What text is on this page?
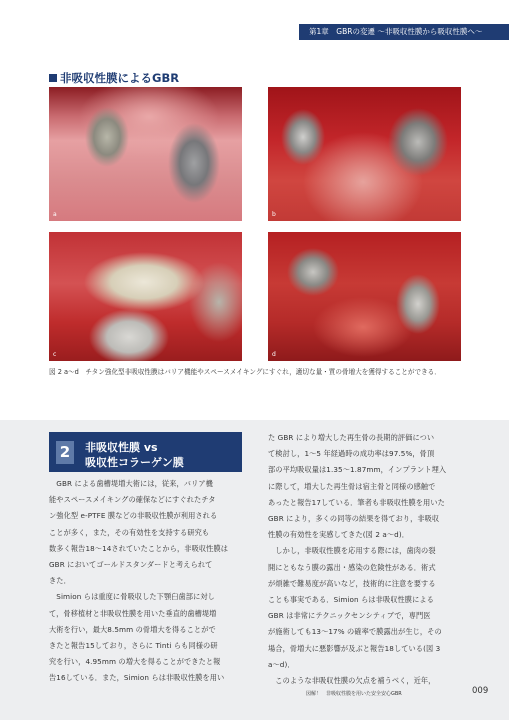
第1章　GBRの変遷 〜非吸収性膜から吸収性膜へ〜
非吸収性膜によるGBR
a	b
c	d
図 2 a〜d　チタン強化型非吸収性膜はバリア機能やスペースメイキングにすぐれ，適切な量・質の骨増大を獲得することができる．
2	非吸収性膜 vs
吸収性コラーゲン膜

　GBR による歯槽堤増大術には，従来，バリア機

能やスペースメイキングの確保などにすぐれたチタ

ン強化型 e-PTFE 膜などの非吸収性膜が利用される

ことが多く，また，その有効性を支持する研究も

数多く報告18〜14されていたことから，非吸収性膜は

GBR においてゴールドスタンダードと考えられて

きた．

　Simion らは重度に骨吸収した下顎臼歯部に対し

て，骨移植材と非吸収性膜を用いた垂直的歯槽堤増

大術を行い，最大8.5mm の骨増大を得ることがで

きたと報告15しており，さらに Tinti らも同様の研

究を行い，4.95mm の増大を得ることができたと報

告16している．また，Simion らは非吸収性膜を用い

た GBR により増大した再生骨の長期的評価につい

て検討し，1〜5 年経過時の成功率は97.5%，骨頂

部の平均吸収量は1.35〜1.87mm，インプラント埋入

に際して，増大した再生骨は宿主骨と同様の感触で

あったと報告17している．筆者も非吸収性膜を用いた

GBR により，多くの同等の結果を得ており，非吸収

性膜の有効性を実感してきた(図 2 a〜d)．

　しかし，非吸収性膜を応用する際には，歯肉の裂

開にともなう膜の露出・感染の危険性がある．術式

が煩雑で難易度が高いなど，技術的に注意を要する

ことも事実である．Simion らは非吸収性膜による

GBR は非常にテクニックセンシティブで，専門医

が施術しても13〜17% の確率で膜露出が生じ，その

場合，骨増大に悪影響が及ぶと報告18している(図 3

a〜d)．

　このような非吸収性膜の欠点を補うべく，近年，

図解！　非吸収性膜を用いた安全安心GBR	009
